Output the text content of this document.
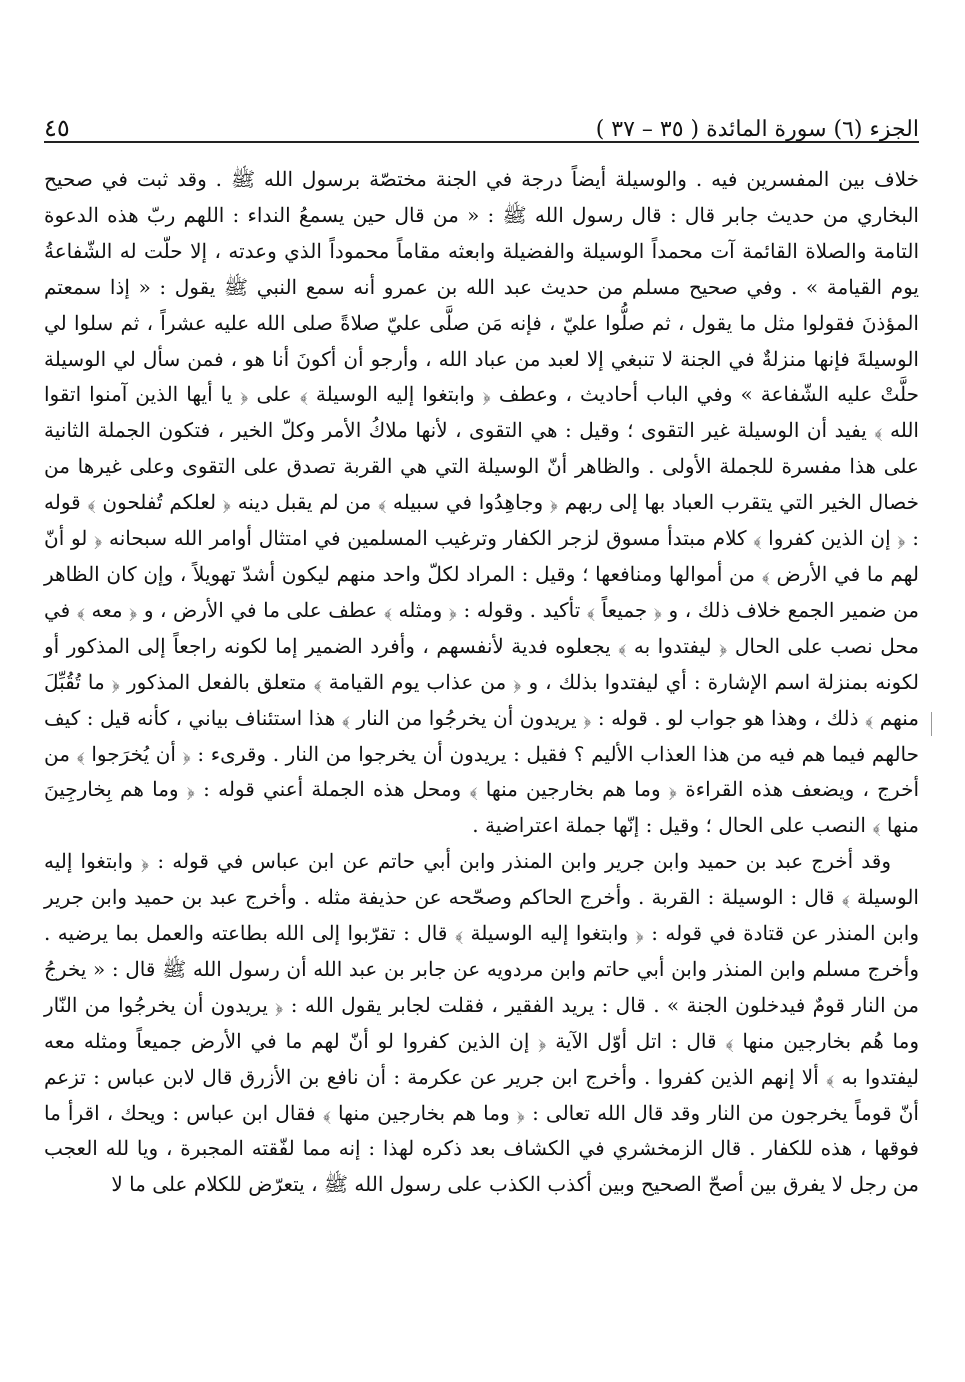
الجزء (٦) سورة المائدة ( ٣٥ – ٣٧ )
٤٥

خلاف بين المفسرين فيه . والوسيلة أيضاً درجة في الجنة مختصّة برسول الله ﷺ . وقد ثبت في صحيح البخاري من حديث جابر قال : قال رسول الله ﷺ : « من قال حين يسمعُ النداء : اللهم ربّ هذه الدعوة التامة والصلاة القائمة آت محمداً الوسيلة والفضيلة وابعثه مقاماً محموداً الذي وعدته ، إلا حلّت له الشّفاعةُ يوم القيامة » . وفي صحيح مسلم من حديث عبد الله بن عمرو أنه سمع النبي ﷺ يقول : « إذا سمعتم المؤذنَ فقولوا مثل ما يقول ، ثم صلُّوا عليّ ، فإنه مَن صلَّى عليّ صلاةً صلى الله عليه عشراً ، ثم سلوا لي الوسيلةَ فإنها منزلةٌ في الجنة لا تنبغي إلا لعبد من عباد الله ، وأرجو أن أكونَ أنا هو ، فمن سأل لي الوسيلة حلَّتْ عليه الشّفاعة » وفي الباب أحاديث ، وعطف ﴿ وابتغوا إليه الوسيلة ﴾ على ﴿ يا أيها الذين آمنوا اتقوا الله ﴾ يفيد أن الوسيلة غير التقوى ؛ وقيل : هي التقوى ، لأنها ملاكُ الأمر وكلّ الخير ، فتكون الجملة الثانية على هذا مفسرة للجملة الأولى . والظاهر أنّ الوسيلة التي هي القربة تصدق على التقوى وعلى غيرها من خصال الخير التي يتقرب العباد بها إلى ربهم ﴿ وجاهِدُوا في سبيله ﴾ من لم يقبل دينه ﴿ لعلكم تُفلحون ﴾ قوله : ﴿ إن الذين كفروا ﴾ كلام مبتدأ مسوق لزجر الكفار وترغيب المسلمين في امتثال أوامر الله سبحانه ﴿ لو أنّ لهم ما في الأرض ﴾ من أموالها ومنافعها ؛ وقيل : المراد لكلّ واحد منهم ليكون أشدّ تهويلاً ، وإن كان الظاهر من ضمير الجمع خلاف ذلك ، و ﴿ جميعاً ﴾ تأكيد . وقوله : ﴿ ومثله ﴾ عطف على ما في الأرض ، و ﴿ معه ﴾ في محل نصب على الحال ﴿ ليفتدوا به ﴾ يجعلوه فدية لأنفسهم ، وأفرد الضمير إما لكونه راجعاً إلى المذكور أو لكونه بمنزلة اسم الإشارة : أي ليفتدوا بذلك ، و ﴿ من عذاب يوم القيامة ﴾ متعلق بالفعل المذكور ﴿ ما تُقُبِّلَ منهم ﴾ ذلك ، وهذا هو جواب لو . قوله : ﴿ يريدون أن يخرجُوا من النار ﴾ هذا استئناف بياني ، كأنه قيل : كيف حالهم فيما هم فيه من هذا العذاب الأليم ؟ فقيل : يريدون أن يخرجوا من النار . وقرىء : ﴿ أن يُخرَجوا ﴾ من أخرج ، ويضعف هذه القراءة ﴿ وما هم بخارجين منها ﴾ ومحل هذه الجملة أعني قوله : ﴿ وما هم بِخارجِينَ منها ﴾ النصب على الحال ؛ وقيل : إنّها جملة اعتراضية .

وقد أخرج عبد بن حميد وابن جرير وابن المنذر وابن أبي حاتم عن ابن عباس في قوله : ﴿ وابتغوا إليه الوسيلة ﴾ قال : الوسيلة : القربة . وأخرج الحاكم وصحّحه عن حذيفة مثله . وأخرج عبد بن حميد وابن جرير وابن المنذر عن قتادة في قوله : ﴿ وابتغوا إليه الوسيلة ﴾ قال : تقرّبوا إلى الله بطاعته والعمل بما يرضيه . وأخرج مسلم وابن المنذر وابن أبي حاتم وابن مردويه عن جابر بن عبد الله أن رسول الله ﷺ قال : « يخرجُ من النار قومٌ فيدخلون الجنة » . قال : يريد الفقير ، فقلت لجابر يقول الله : ﴿ يريدون أن يخرجُوا من النّار وما هُم بخارجين منها ﴾ قال : اتل أوّل الآية ﴿ إن الذين كفروا لو أنّ لهم ما في الأرض جميعاً ومثله معه ليفتدوا به ﴾ ألا إنهم الذين كفروا . وأخرج ابن جرير عن عكرمة : أن نافع بن الأزرق قال لابن عباس : تزعم أنّ قوماً يخرجون من النار وقد قال الله تعالى : ﴿ وما هم بخارجين منها ﴾ فقال ابن عباس : ويحك ، اقرأ ما فوقها ، هذه للكفار . قال الزمخشري في الكشاف بعد ذكره لهذا : إنه مما لفّقته المجبرة ، ويا لله العجب من رجل لا يفرق بين أصحّ الصحيح وبين أكذب الكذب على رسول الله ﷺ ، يتعرّض للكلام على ما لا
